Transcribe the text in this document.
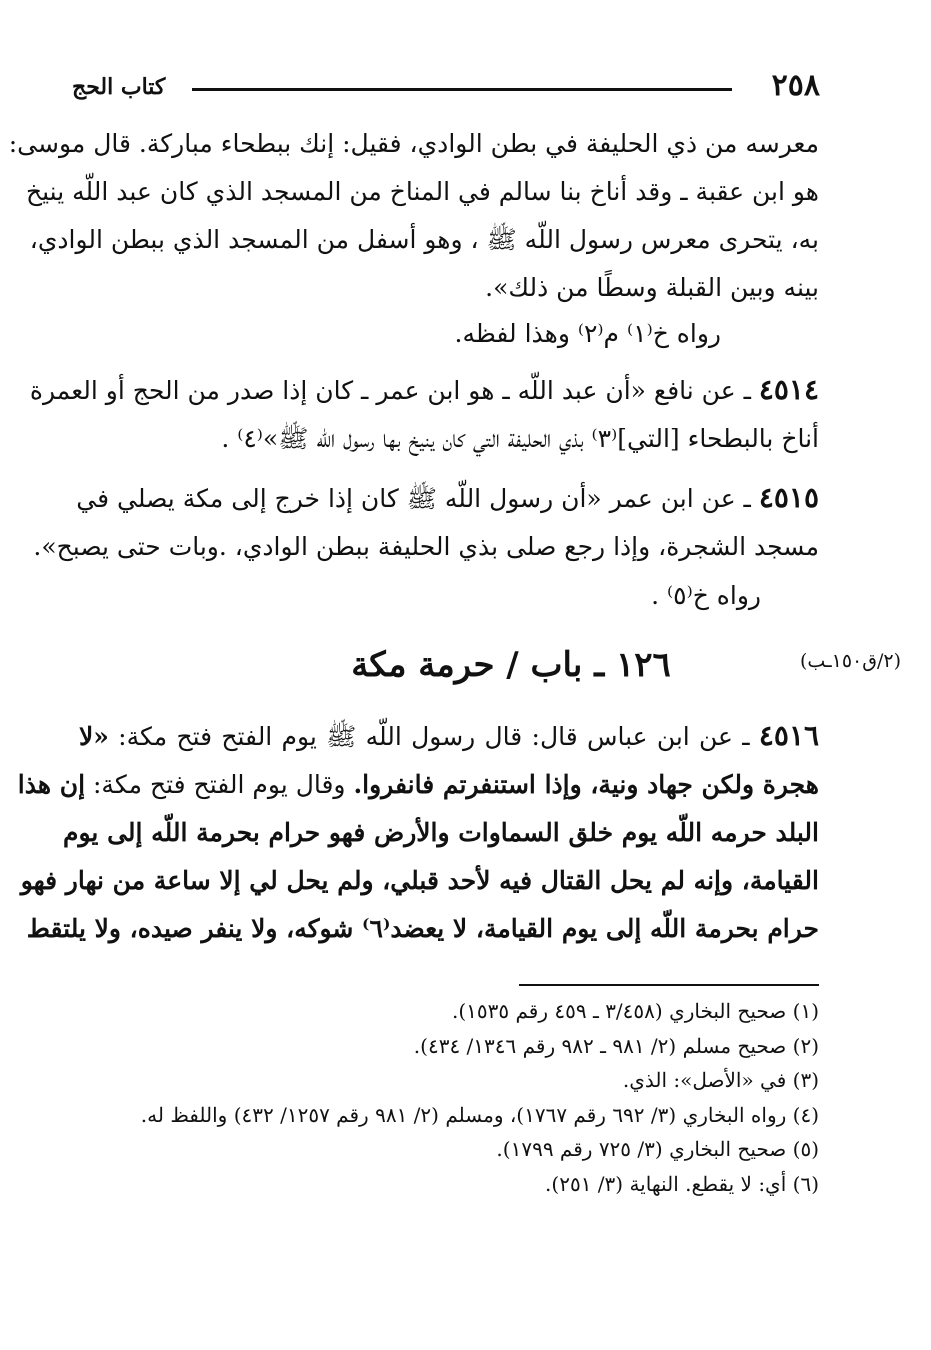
٢٥٨
كتاب الحج
معرسه من ذي الحليفة في بطن الوادي، فقيل: إنك ببطحاء مباركة. قال موسى:
هو ابن عقبة ـ وقد أناخ بنا سالم في المناخ من المسجد الذي كان عبد اللّه ينيخ
به، يتحرى معرس رسول اللّه ﷺ ، وهو أسفل من المسجد الذي ببطن الوادي،
بينه وبين القبلة وسطًا من ذلك».
رواه خ⁽١⁾ م⁽٢⁾ وهذا لفظه.
٤٥١٤ ـ عن نافع «أن عبد اللّه ـ هو ابن عمر ـ كان إذا صدر من الحج أو العمرة
أناخ بالبطحاء [التي]⁽٣⁾ بذي الحليفة التي كان ينيخ بها رسول اللّه ﷺ»⁽٤⁾ .
٤٥١٥ ـ عن ابن عمر «أن رسول اللّه ﷺ كان إذا خرج إلى مكة يصلي في
مسجد الشجرة، وإذا رجع صلى بذي الحليفة ببطن الوادي، .وبات حتى يصبح».
رواه خ⁽٥⁾ .
١٢٦ ـ باب / حرمة مكة	(٢/ق١٥٠ـب)
٤٥١٦ ـ عن ابن عباس قال: قال رسول اللّه ﷺ يوم الفتح فتح مكة: «لا
هجرة ولكن جهاد ونية، وإذا استنفرتم فانفروا. وقال يوم الفتح فتح مكة: إن هذا
البلد حرمه اللّه يوم خلق السماوات والأرض فهو حرام بحرمة اللّه إلى يوم
القيامة، وإنه لم يحل القتال فيه لأحد قبلي، ولم يحل لي إلا ساعة من نهار فهو
حرام بحرمة اللّه إلى يوم القيامة، لا يعضد⁽٦⁾ شوكه، ولا ينفر صيده، ولا يلتقط
(١) صحيح البخاري (٣/٤٥٨ ـ ٤٥٩ رقم ١٥٣٥).
(٢) صحيح مسلم (٢/ ٩٨١ ـ ٩٨٢ رقم ١٣٤٦/ ٤٣٤).
(٣) في «الأصل»: الذي.
(٤) رواه البخاري (٣/ ٦٩٢ رقم ١٧٦٧)، ومسلم (٢/ ٩٨١ رقم ١٢٥٧/ ٤٣٢) واللفظ له.
(٥) صحيح البخاري (٣/ ٧٢٥ رقم ١٧٩٩).
(٦) أي: لا يقطع. النهاية (٣/ ٢٥١).
